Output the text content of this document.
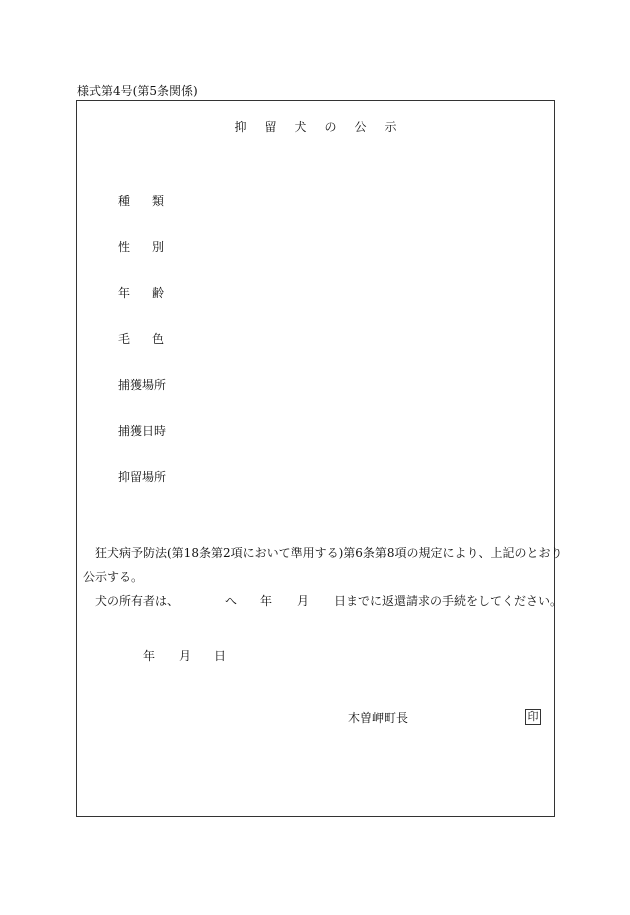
様式第4号(第5条関係)
抑留犬の公示
種類
性別
年齢
毛色
捕獲場所
捕獲日時
抑留場所
狂犬病予防法(第18条第2項において準用する)第6条第8項の規定により、上記のとおり
公示する。
犬の所有者は、	へ 年 月 日までに返還請求の手続をしてください。
年 月 日
木曽岬町長	印
